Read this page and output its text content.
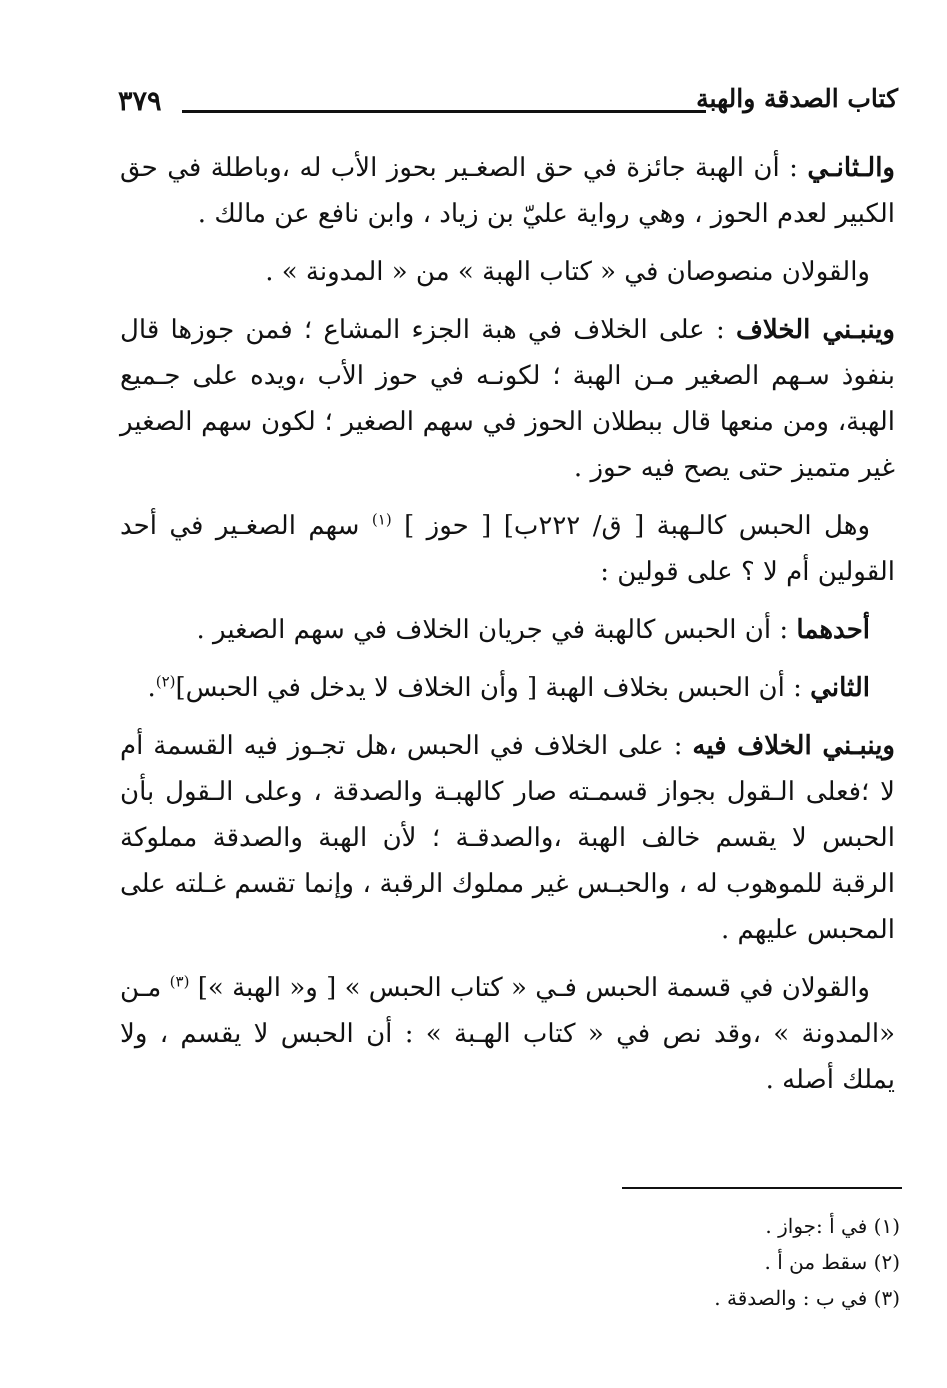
٣٧٩	كتاب الصدقة والهبة

والـثانـي : أن الهبة جائزة في حق الصغـير بحوز الأب له ،وباطلة في حق الكبير لعدم الحوز ، وهي رواية عليّ بن زياد ، وابن نافع عن مالك .

والقولان منصوصان في « كتاب الهبة » من « المدونة » .

وينبـني الخلاف : على الخلاف في هبة الجزء المشاع ؛ فمن جوزها قال بنفوذ سـهم الصغير مـن الهبة ؛ لكونـه في حوز الأب ،ويده على جـميع الهبة، ومن منعها قال ببطلان الحوز في سهم الصغير ؛ لكون سهم الصغير غير متميز حتى يصح فيه حوز .

وهل الحبس كالـهبة [ ق/ ٢٢٢ب] [ حوز ] $^{(١)}$ سهم الصغـير في أحد القولين أم لا ؟ على قولين :

أحدهما : أن الحبس كالهبة في جريان الخلاف في سهم الصغير .

الثاني : أن الحبس بخلاف الهبة [ وأن الخلاف لا يدخل في الحبس]$^{(٢)}$.

وينبـني الخلاف فيه : على الخلاف في الحبس ،هل تجـوز فيه القسمة أم لا ؛فعلى الـقول بجواز قسمـته صار كالهبـة والصدقة ، وعلى الـقول بأن الحبس لا يقسم خالف الهبة ،والصدقـة ؛ لأن الهبة والصدقة مملوكة الرقبة للموهوب له ، والحبـس غير مملوك الرقبة ، وإنما تقسم غـلته على المحبس عليهم .

والقولان في قسمة الحبس فـي « كتاب الحبس » [ و« الهبة »] $^{(٣)}$ مـن «المدونة » ،وقد نص في « كتاب الهـبة » : أن الحبس لا يقسم ، ولا يملك أصله .

(١) في أ :جواز .

(٢) سقط من أ .

(٣) في ب : والصدقة .
